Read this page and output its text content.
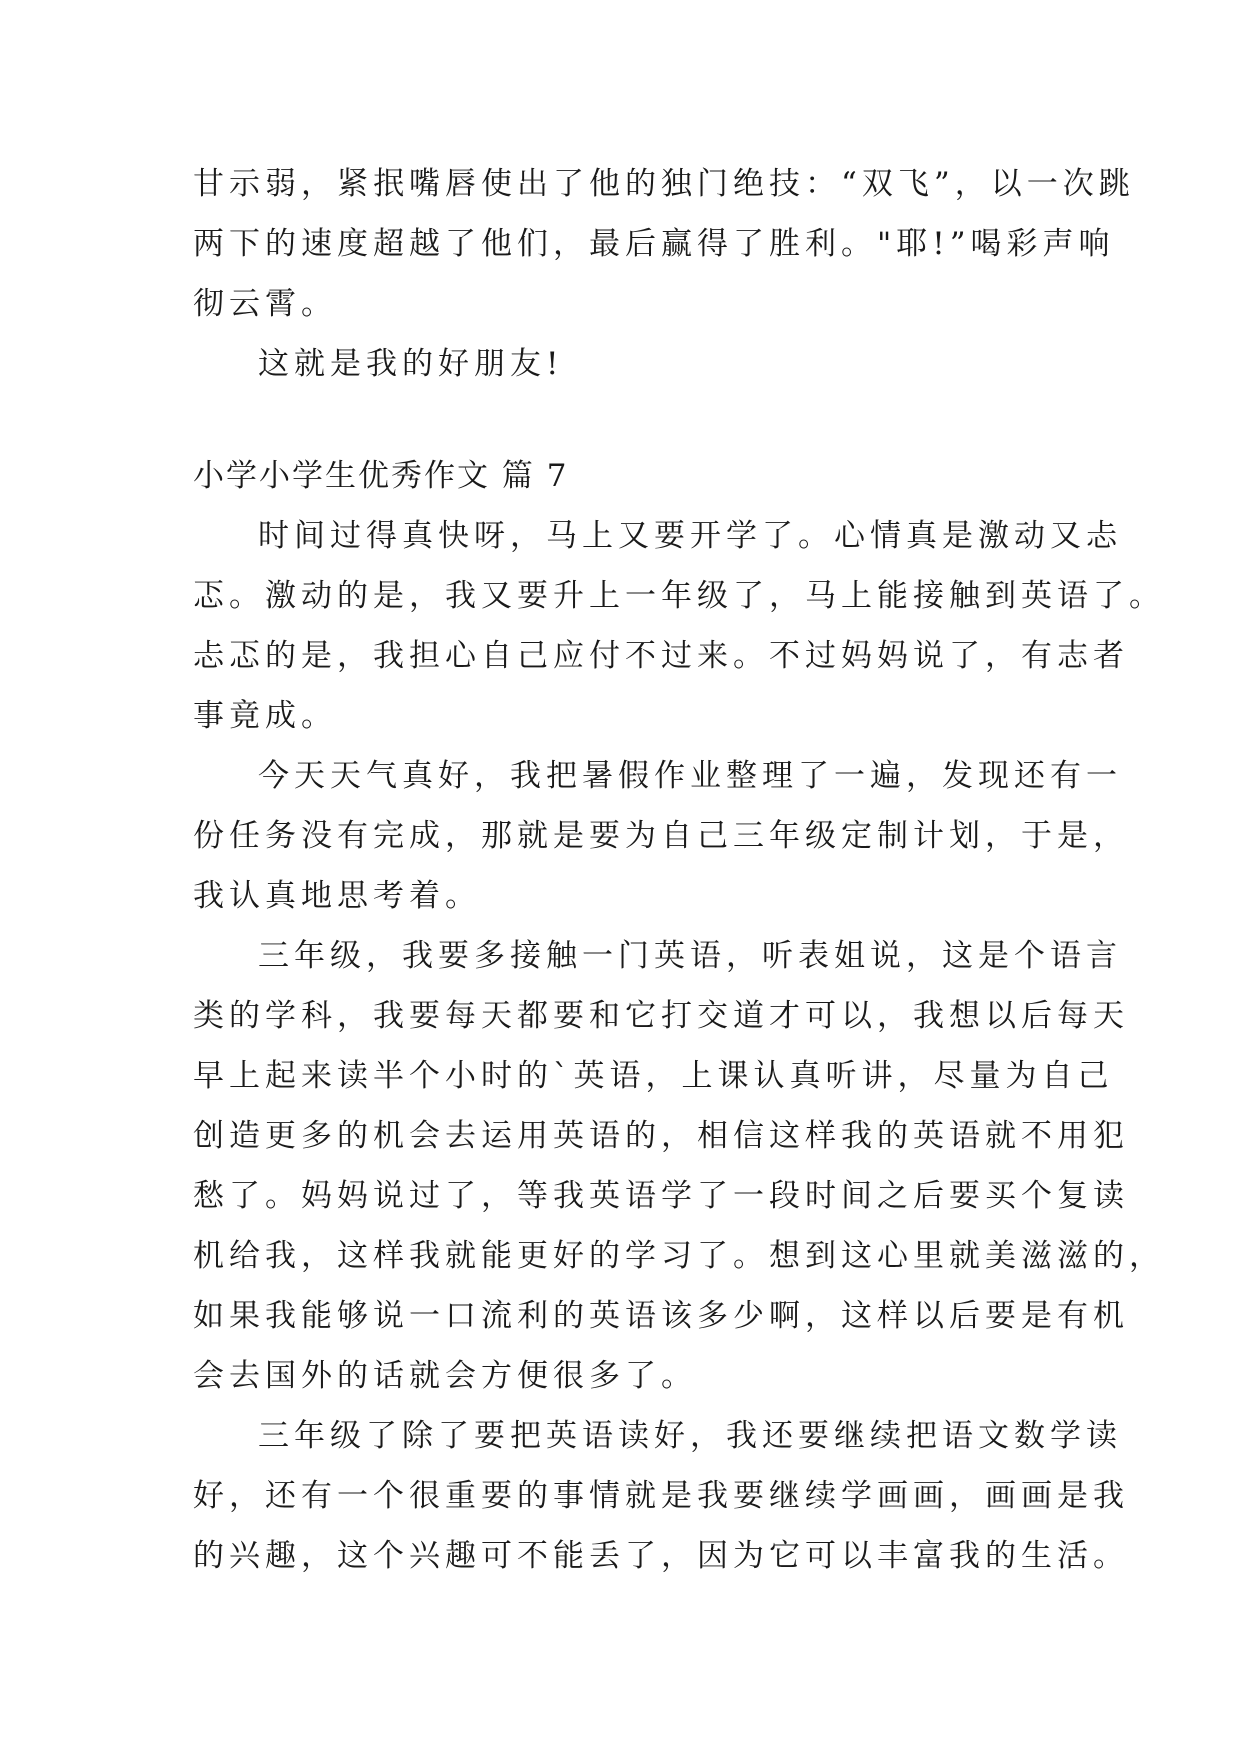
甘示弱，紧抿嘴唇使出了他的独门绝技：“双飞”，以一次跳
两下的速度超越了他们，最后赢得了胜利。"耶!”喝彩声响
彻云霄。
这就是我的好朋友!
小学小学生优秀作文 篇 7
时间过得真快呀，马上又要开学了。心情真是激动又忐
忑。激动的是，我又要升上一年级了，马上能接触到英语了。
忐忑的是，我担心自己应付不过来。不过妈妈说了，有志者
事竟成。
今天天气真好，我把暑假作业整理了一遍，发现还有一
份任务没有完成，那就是要为自己三年级定制计划，于是，
我认真地思考着。
三年级，我要多接触一门英语，听表姐说，这是个语言
类的学科，我要每天都要和它打交道才可以，我想以后每天
早上起来读半个小时的`英语，上课认真听讲，尽量为自己
创造更多的机会去运用英语的，相信这样我的英语就不用犯
愁了。妈妈说过了，等我英语学了一段时间之后要买个复读
机给我，这样我就能更好的学习了。想到这心里就美滋滋的，
如果我能够说一口流利的英语该多少啊，这样以后要是有机
会去国外的话就会方便很多了。
三年级了除了要把英语读好，我还要继续把语文数学读
好，还有一个很重要的事情就是我要继续学画画，画画是我
的兴趣，这个兴趣可不能丢了，因为它可以丰富我的生活。
